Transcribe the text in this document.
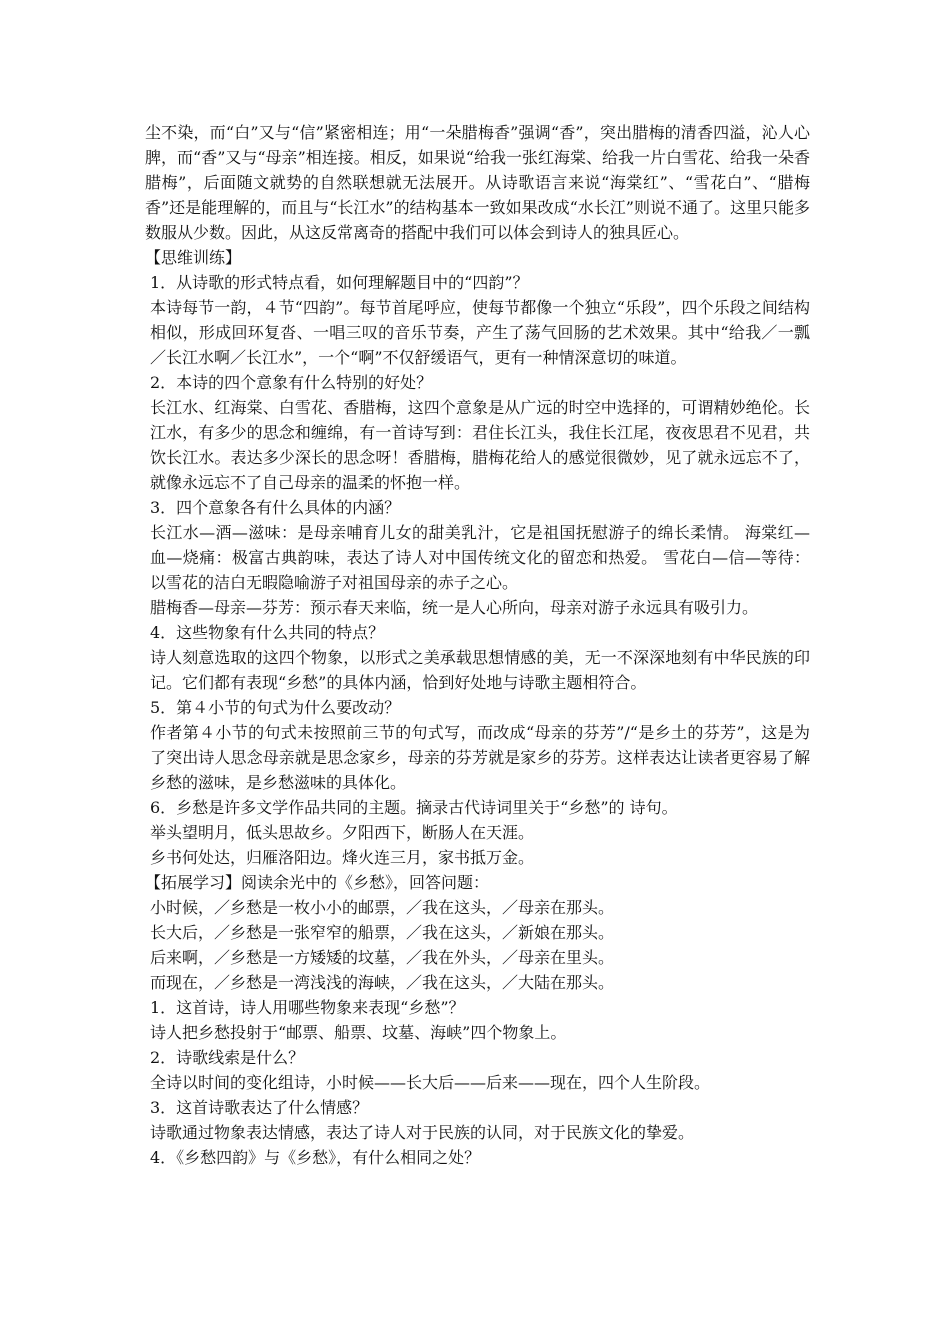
尘不染，而“白”又与“信”紧密相连；用“一朵腊梅香”强调“香”，突出腊梅的清香四溢，沁人心脾，而“香”又与“母亲”相连接。相反，如果说“给我一张红海棠、给我一片白雪花、给我一朵香腊梅”，后面随文就势的自然联想就无法展开。从诗歌语言来说“海棠红”、“雪花白”、“腊梅香”还是能理解的，而且与“长江水”的结构基本一致如果改成“水长江”则说不通了。这里只能多数服从少数。因此，从这反常离奇的搭配中我们可以体会到诗人的独具匠心。

【思维训练】

1．从诗歌的形式特点看，如何理解题目中的“四韵”？

本诗每节一韵，４节“四韵”。每节首尾呼应，使每节都像一个独立“乐段”，四个乐段之间结构相似，形成回环复沓、一唱三叹的音乐节奏，产生了荡气回肠的艺术效果。其中“给我／一瓢／长江水啊／长江水”，一个“啊”不仅舒缓语气，更有一种情深意切的味道。

2．本诗的四个意象有什么特别的好处？

长江水、红海棠、白雪花、香腊梅，这四个意象是从广远的时空中选择的，可谓精妙绝伦。长江水，有多少的思念和缠绵，有一首诗写到：君住长江头，我住长江尾，夜夜思君不见君，共饮长江水。表达多少深长的思念呀！香腊梅，腊梅花给人的感觉很微妙，见了就永远忘不了，就像永远忘不了自己母亲的温柔的怀抱一样。

3．四个意象各有什么具体的内涵？

长江水—酒—滋味：是母亲哺育儿女的甜美乳汁，它是祖国抚慰游子的绵长柔情。 海棠红—血—烧痛：极富古典韵味，表达了诗人对中国传统文化的留恋和热爱。 雪花白—信—等待：以雪花的洁白无暇隐喻游子对祖国母亲的赤子之心。

腊梅香—母亲—芬芳：预示春天来临，统一是人心所向，母亲对游子永远具有吸引力。

4．这些物象有什么共同的特点？

诗人刻意选取的这四个物象，以形式之美承载思想情感的美，无一不深深地刻有中华民族的印记。它们都有表现“乡愁”的具体内涵，恰到好处地与诗歌主题相符合。

5．第４小节的句式为什么要改动？

作者第４小节的句式未按照前三节的句式写，而改成“母亲的芬芳”/“是乡土的芬芳”，这是为了突出诗人思念母亲就是思念家乡，母亲的芬芳就是家乡的芬芳。这样表达让读者更容易了解乡愁的滋味，是乡愁滋味的具体化。

6．乡愁是许多文学作品共同的主题。摘录古代诗词里关于“乡愁”的 诗句。

举头望明月，低头思故乡。夕阳西下，断肠人在天涯。

乡书何处达，归雁洛阳边。烽火连三月，家书抵万金。

【拓展学习】阅读余光中的《乡愁》，回答问题：

小时候，／乡愁是一枚小小的邮票，／我在这头，／母亲在那头。

长大后，／乡愁是一张窄窄的船票，／我在这头，／新娘在那头。

后来啊，／乡愁是一方矮矮的坟墓，／我在外头，／母亲在里头。

而现在，／乡愁是一湾浅浅的海峡，／我在这头，／大陆在那头。

1．这首诗，诗人用哪些物象来表现“乡愁”？

诗人把乡愁投射于“邮票、船票、坟墓、海峡”四个物象上。

2．诗歌线索是什么？

全诗以时间的变化组诗，小时候——长大后——后来——现在，四个人生阶段。

3．这首诗歌表达了什么情感？

诗歌通过物象表达情感，表达了诗人对于民族的认同，对于民族文化的挚爱。

4．《乡愁四韵》与《乡愁》，有什么相同之处？
